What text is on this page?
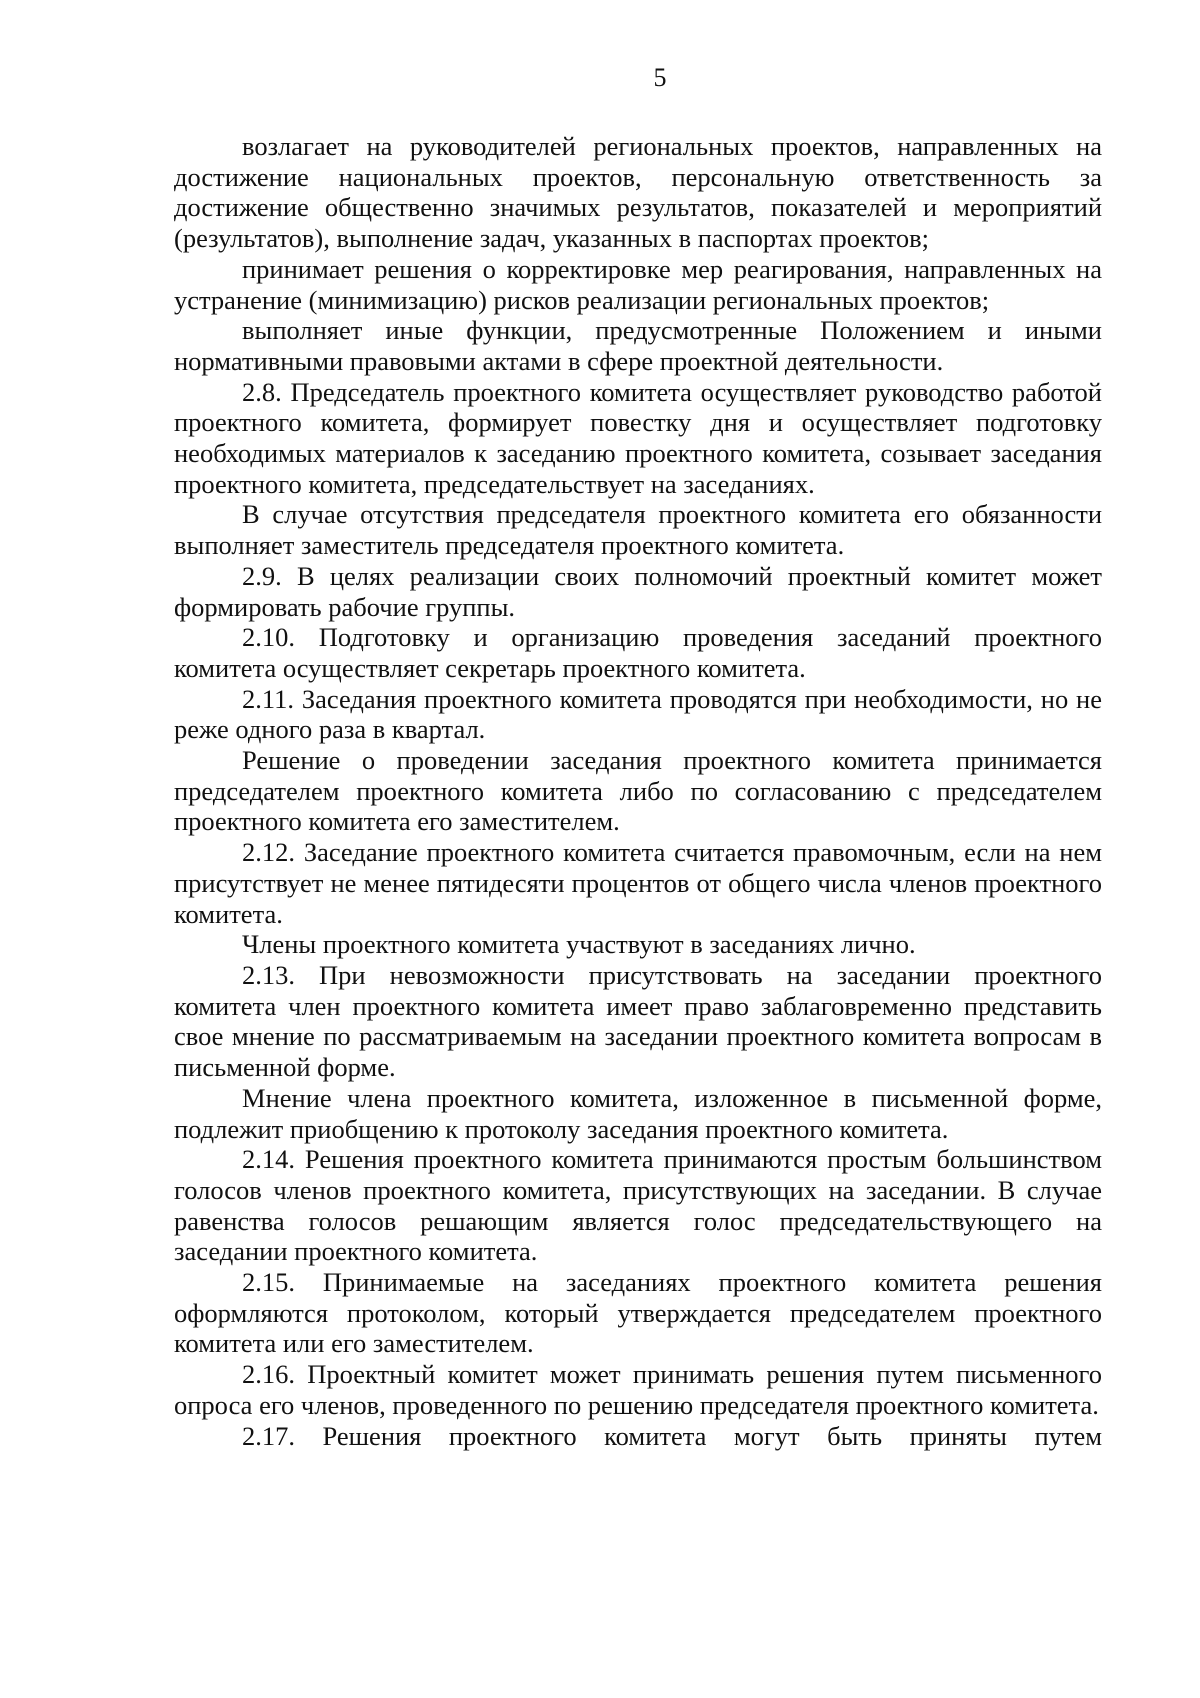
5

возлагает на руководителей региональных проектов, направленных на достижение национальных проектов, персональную ответственность за достижение общественно значимых результатов, показателей и мероприятий (результатов), выполнение задач, указанных в паспортах проектов;

принимает решения о корректировке мер реагирования, направленных на устранение (минимизацию) рисков реализации региональных проектов;

выполняет иные функции, предусмотренные Положением и иными нормативными правовыми актами в сфере проектной деятельности.

2.8. Председатель проектного комитета осуществляет руководство работой проектного комитета, формирует повестку дня и осуществляет подготовку необходимых материалов к заседанию проектного комитета, созывает заседания проектного комитета, председательствует на заседаниях.

В случае отсутствия председателя проектного комитета его обязанности выполняет заместитель председателя проектного комитета.

2.9. В целях реализации своих полномочий проектный комитет может формировать рабочие группы.

2.10. Подготовку и организацию проведения заседаний проектного комитета осуществляет секретарь проектного комитета.

2.11. Заседания проектного комитета проводятся при необходимости, но не реже одного раза в квартал.

Решение о проведении заседания проектного комитета принимается председателем проектного комитета либо по согласованию с председателем проектного комитета его заместителем.

2.12. Заседание проектного комитета считается правомочным, если на нем присутствует не менее пятидесяти процентов от общего числа членов проектного комитета.

Члены проектного комитета участвуют в заседаниях лично.

2.13. При невозможности присутствовать на заседании проектного комитета член проектного комитета имеет право заблаговременно представить свое мнение по рассматриваемым на заседании проектного комитета вопросам в письменной форме.

Мнение члена проектного комитета, изложенное в письменной форме, подлежит приобщению к протоколу заседания проектного комитета.

2.14. Решения проектного комитета принимаются простым большинством голосов членов проектного комитета, присутствующих на заседании. В случае равенства голосов решающим является голос председательствующего на заседании проектного комитета.

2.15. Принимаемые на заседаниях проектного комитета решения оформляются протоколом, который утверждается председателем проектного комитета или его заместителем.

2.16. Проектный комитет может принимать решения путем письменного опроса его членов, проведенного по решению председателя проектного комитета.

2.17. Решения проектного комитета могут быть приняты путем
